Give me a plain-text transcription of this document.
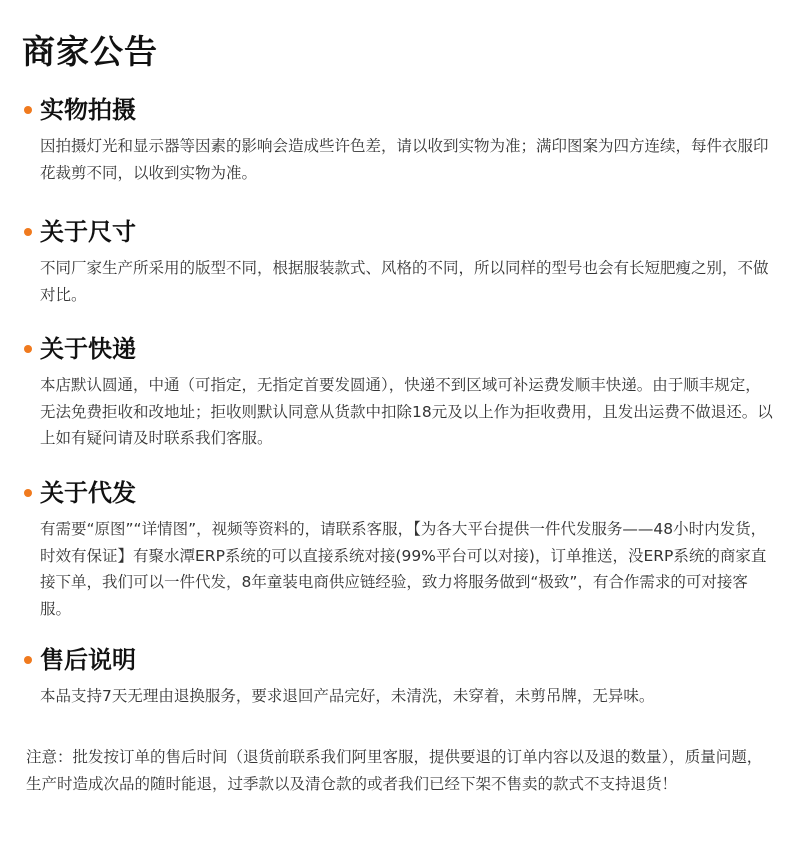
商家公告
实物拍摄
因拍摄灯光和显示器等因素的影响会造成些许色差，请以收到实物为准；满印图案为四方连续，每件衣服印花裁剪不同，以收到实物为准。
关于尺寸
不同厂家生产所采用的版型不同，根据服装款式、风格的不同，所以同样的型号也会有长短肥瘦之别，不做对比。
关于快递
本店默认圆通，中通（可指定，无指定首要发圆通），快递不到区域可补运费发顺丰快递。由于顺丰规定，无法免费拒收和改地址；拒收则默认同意从货款中扣除18元及以上作为拒收费用，且发出运费不做退还。以上如有疑问请及时联系我们客服。
关于代发
有需要“原图”“详情图”，视频等资料的，请联系客服，【为各大平台提供一件代发服务——48小时内发货，时效有保证】有聚水潭ERP系统的可以直接系统对接(99%平台可以对接)，订单推送，没ERP系统的商家直接下单，我们可以一件代发，8年童装电商供应链经验，致力将服务做到“极致”，有合作需求的可对接客服。
售后说明
本品支持7天无理由退换服务，要求退回产品完好，未清洗，未穿着，未剪吊牌，无异味。
注意：批发按订单的售后时间（退货前联系我们阿里客服，提供要退的订单内容以及退的数量），质量问题，生产时造成次品的随时能退，过季款以及清仓款的或者我们已经下架不售卖的款式不支持退货！
